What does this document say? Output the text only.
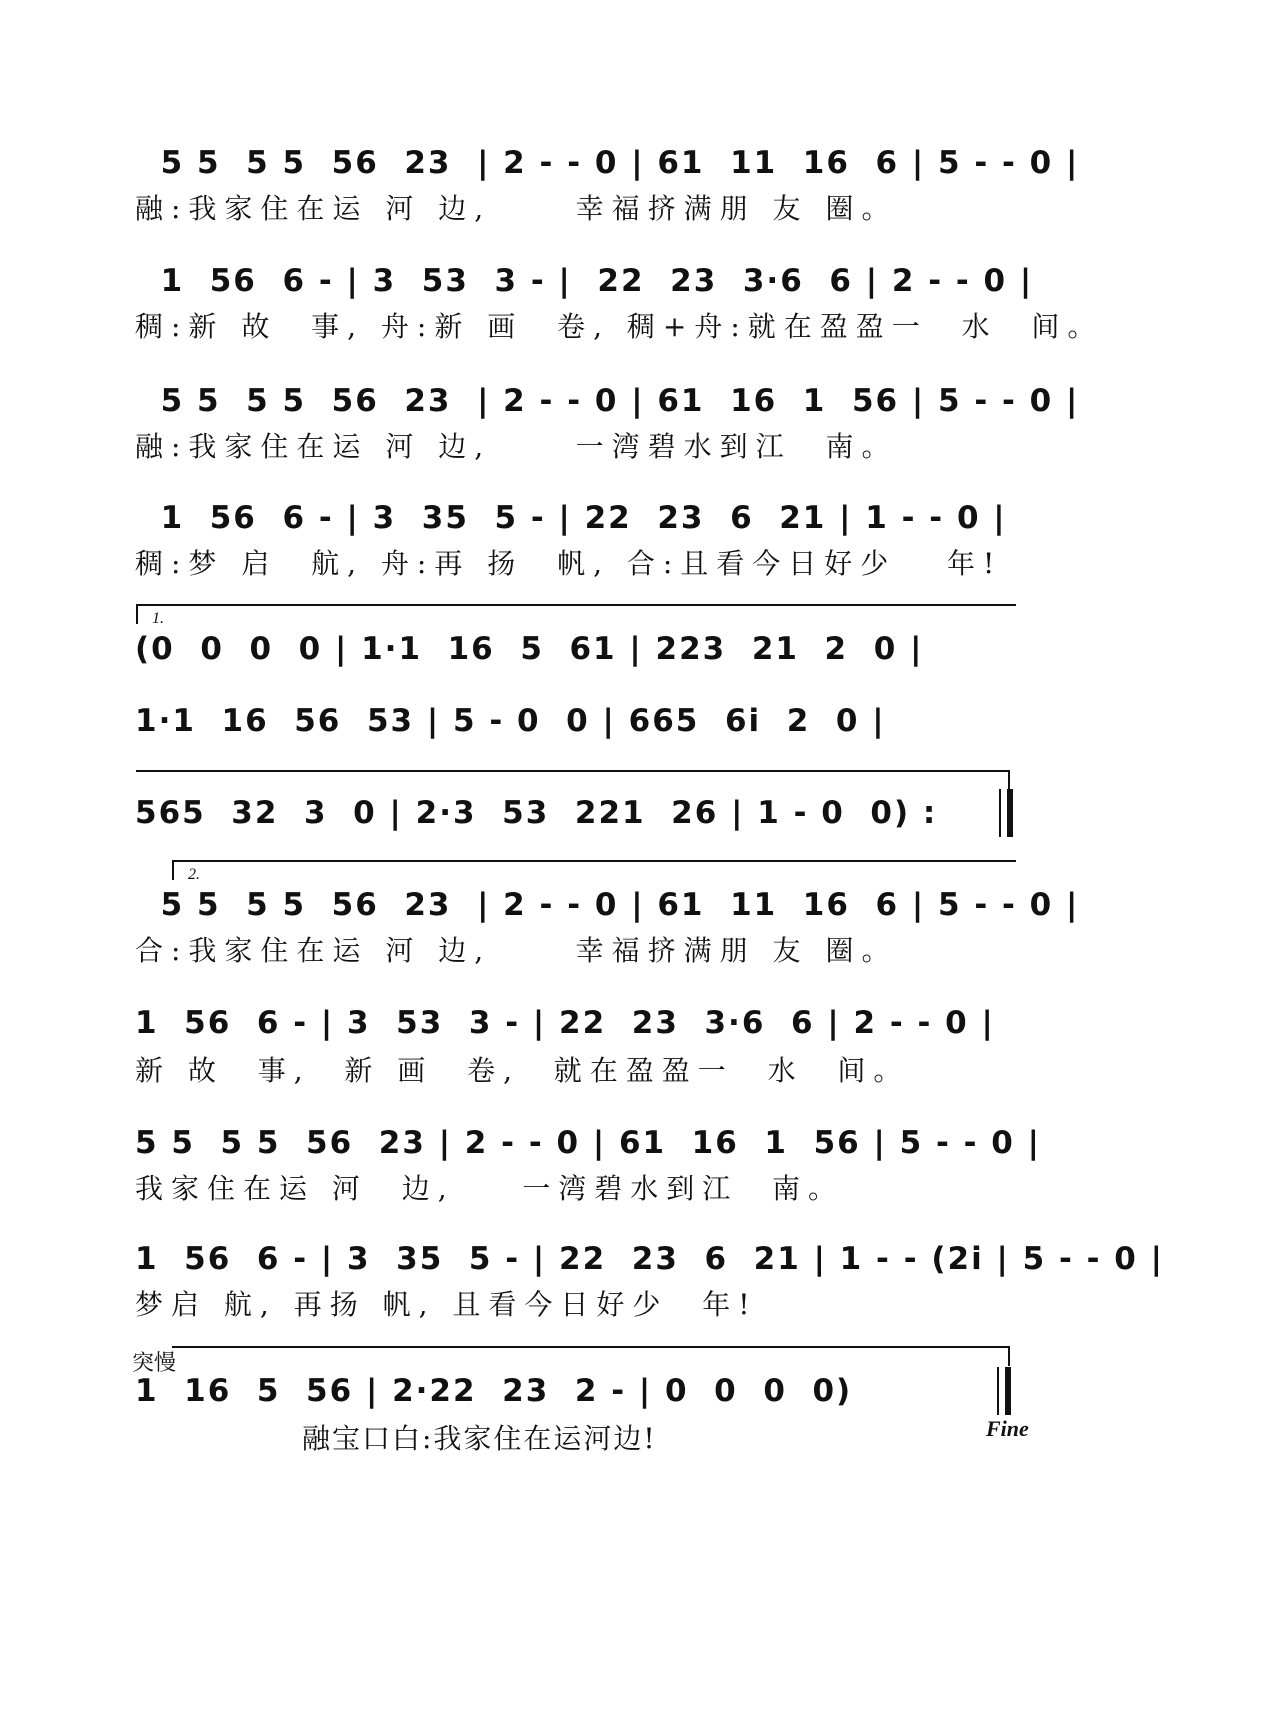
5 5  5 5  56  23  | 2 - - 0 | 61  11  16  6 | 5 - - 0 |
融:我家住在运 河 边,     幸福挤满朋 友 圈。
1  56  6 - | 3  53  3 - |  22  23  3·6  6 | 2 - - 0 |
稠:新 故  事, 舟:新 画  卷, 稠+舟:就在盈盈一  水  间。
5 5  5 5  56  23  | 2 - - 0 | 61  16  1  56 | 5 - - 0 |
融:我家住在运 河 边,     一湾碧水到江  南。
1  56  6 - | 3  35  5 - | 22  23  6  21 | 1 - - 0 |
稠:梦 启  航, 舟:再 扬  帆, 合:且看今日好少   年!
1.
(0  0  0  0 | 1·1  16  5  61 | 223  21  2  0 |
1·1  16  56  53 | 5 - 0  0 | 665  6i  2  0 |
565  32  3  0 | 2·3  53  221  26 | 1 - 0  0) :
2.
5 5  5 5  56  23  | 2 - - 0 | 61  11  16  6 | 5 - - 0 |
合:我家住在运 河 边,     幸福挤满朋 友 圈。
1  56  6 - | 3  53  3 - | 22  23  3·6  6 | 2 - - 0 |
新 故  事,  新 画  卷,  就在盈盈一  水  间。
5 5  5 5  56  23 | 2 - - 0 | 61  16  1  56 | 5 - - 0 |
我家住在运 河  边,    一湾碧水到江  南。
1  56  6 - | 3  35  5 - | 22  23  6  21 | 1 - - (2i | 5 - - 0 |
梦启 航, 再扬 帆, 且看今日好少  年!
突慢
1  16  5  56 | 2·22  23  2 - | 0  0  0  0)
融宝口白:我家住在运河边!	Fine
